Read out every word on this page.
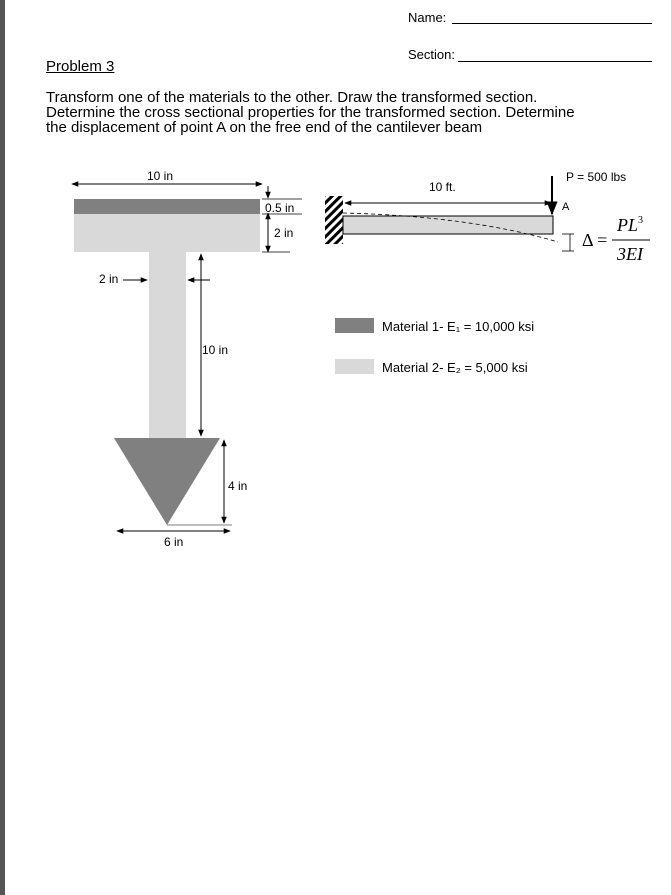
Name:
Section:
Problem 3
Transform one of the materials to the other. Draw the transformed section.
Determine the cross sectional properties for the transformed section. Determine
the displacement of point A on the free end of the cantilever beam
10 in
0.5 in
2 in
2 in
10 in
4 in
6 in
10 ft.
P = 500 lbs
A
Δ =
$PL^3$
3EI
Material 1- E₁ = 10,000 ksi
Material 2- E₂ = 5,000 ksi
